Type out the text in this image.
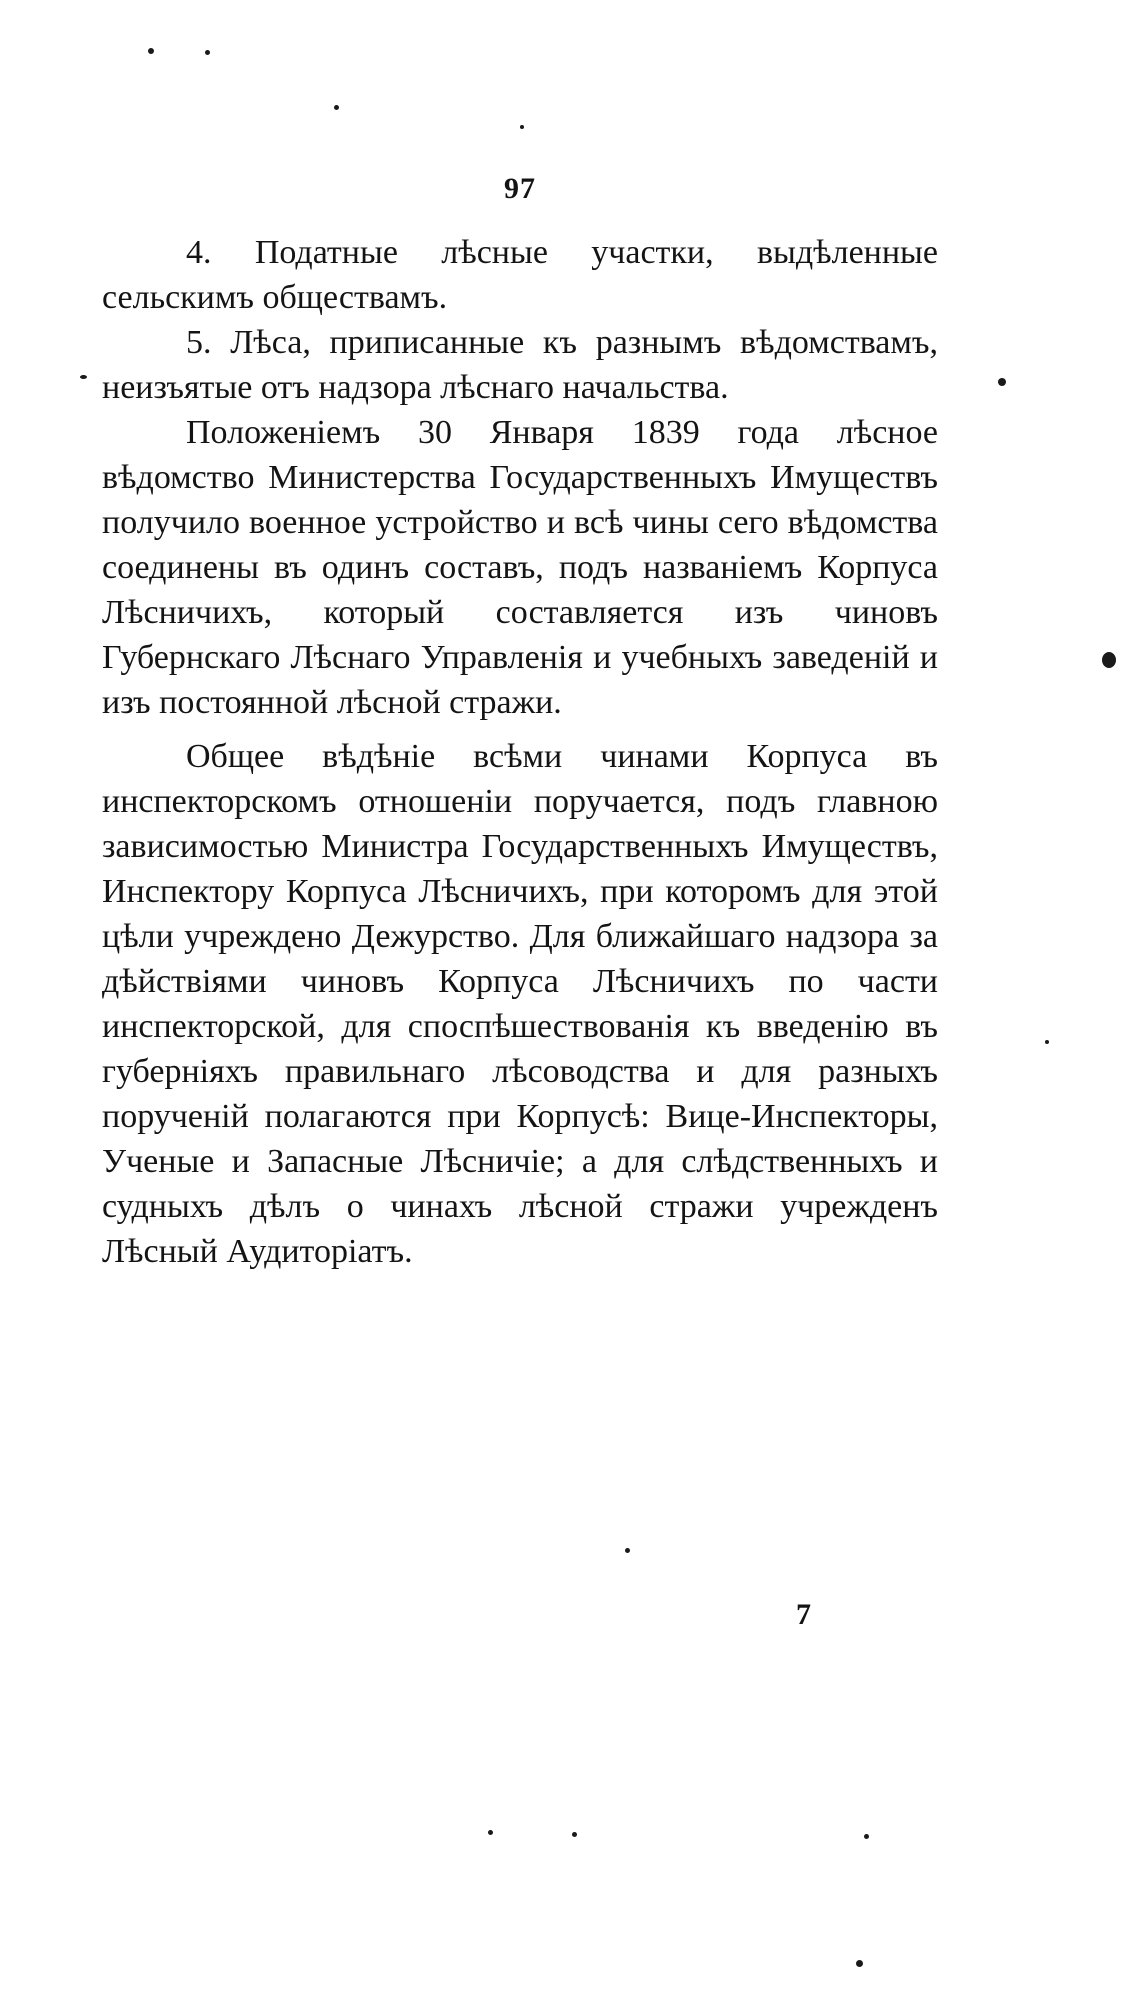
97

4. Податные лѣсные участки, выдѣленные сельскимъ обществамъ.

5. Лѣса, приписанные къ разнымъ вѣдомствамъ, неизъятые отъ надзора лѣснаго начальства.

Положеніемъ 30 Января 1839 года лѣсное вѣдомство Министерства Государственныхъ Имуществъ получило военное устройство и всѣ чины сего вѣдомства соединены въ одинъ составъ, подъ названіемъ Корпуса Лѣсничихъ, который составляется изъ чиновъ Губернскаго Лѣснаго Управленія и учебныхъ заведеній и изъ постоянной лѣсной стражи.

Общее вѣдѣніе всѣми чинами Корпуса въ инспекторскомъ отношеніи поручается, подъ главною зависимостью Министра Государственныхъ Имуществъ, Инспектору Корпуса Лѣсничихъ, при которомъ для этой цѣли учреждено Дежурство. Для ближайшаго надзора за дѣйствіями чиновъ Корпуса Лѣсничихъ по части инспекторской, для споспѣшествованія къ введенію въ губерніяхъ правильнаго лѣсоводства и для разныхъ порученій полагаются при Корпусѣ: Вице-Инспекторы, Ученые и Запасные Лѣсничіе; а для слѣдственныхъ и судныхъ дѣлъ о чинахъ лѣсной стражи учрежденъ Лѣсный Аудиторіатъ.

7
